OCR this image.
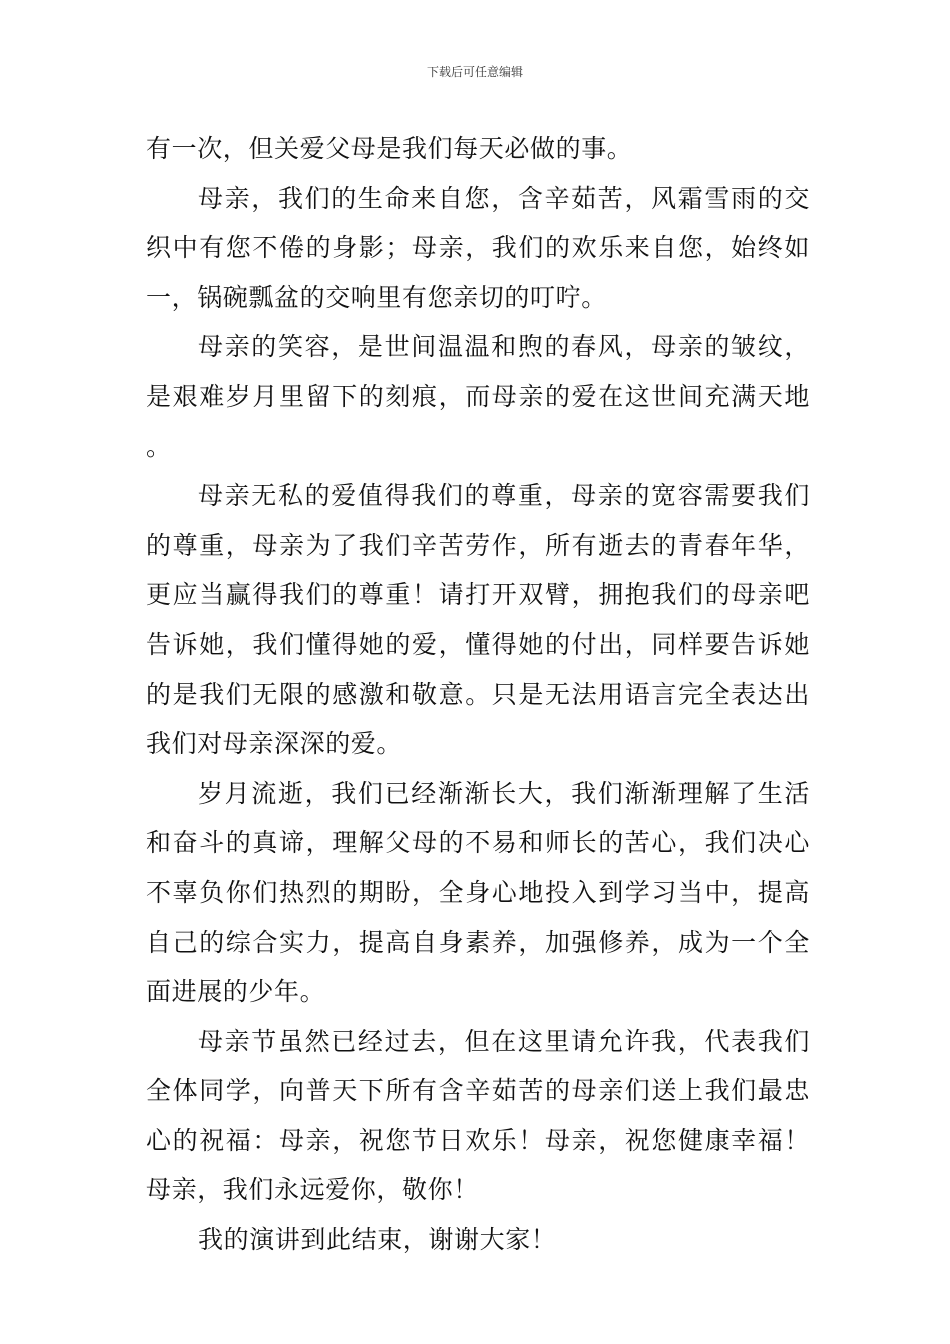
下载后可任意编辑

有一次，但关爱父母是我们每天必做的事。

母亲，我们的生命来自您，含辛茹苦，风霜雪雨的交织中有您不倦的身影；母亲，我们的欢乐来自您，始终如一，锅碗瓢盆的交响里有您亲切的叮咛。

母亲的笑容，是世间温温和煦的春风，母亲的皱纹，是艰难岁月里留下的刻痕，而母亲的爱在这世间充满天地。

母亲无私的爱值得我们的尊重，母亲的宽容需要我们的尊重，母亲为了我们辛苦劳作，所有逝去的青春年华，更应当赢得我们的尊重！请打开双臂，拥抱我们的母亲吧告诉她，我们懂得她的爱，懂得她的付出，同样要告诉她的是我们无限的感激和敬意。只是无法用语言完全表达出我们对母亲深深的爱。

岁月流逝，我们已经渐渐长大，我们渐渐理解了生活和奋斗的真谛，理解父母的不易和师长的苦心，我们决心不辜负你们热烈的期盼，全身心地投入到学习当中，提高自己的综合实力，提高自身素养，加强修养，成为一个全面进展的少年。

母亲节虽然已经过去，但在这里请允许我，代表我们全体同学，向普天下所有含辛茹苦的母亲们送上我们最忠心的祝福：母亲，祝您节日欢乐！母亲，祝您健康幸福！母亲，我们永远爱你，敬你！

我的演讲到此结束，谢谢大家！
